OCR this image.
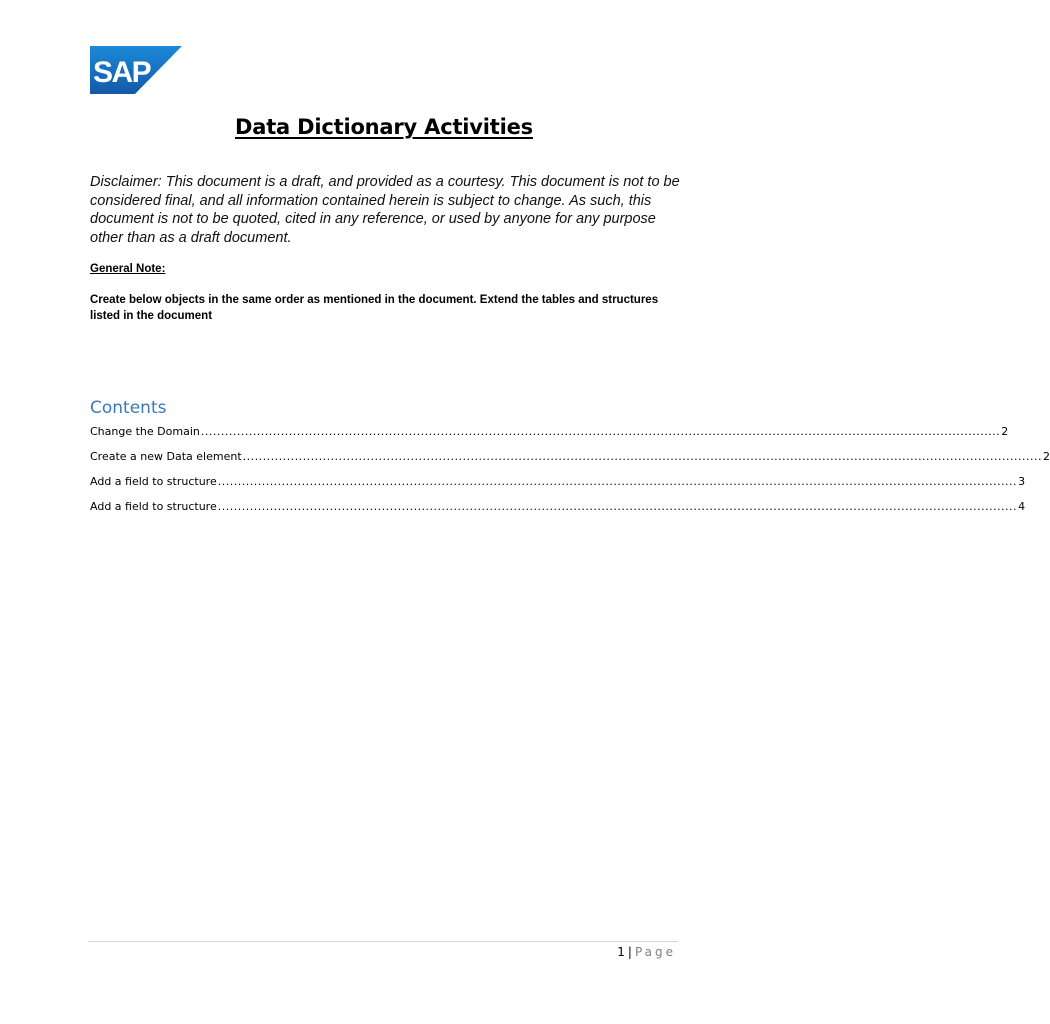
SAP
®
Data Dictionary Activities
Disclaimer: This document is a draft, and provided as a courtesy. This document is not to be considered final, and all information contained herein is subject to change. As such, this document is not to be quoted, cited in any reference, or used by anyone for any purpose other than as a draft document.
General Note:
Create below objects in the same order as mentioned in the document. Extend the tables and structures listed in the document
Contents
Change the Domain ........................................................................................................................................................................................................ 2
Create a new Data element ........................................................................................................................................................................................................ 2
Add a field to structure ........................................................................................................................................................................................................ 3
Add a field to structure ........................................................................................................................................................................................................ 4
1 | Page
